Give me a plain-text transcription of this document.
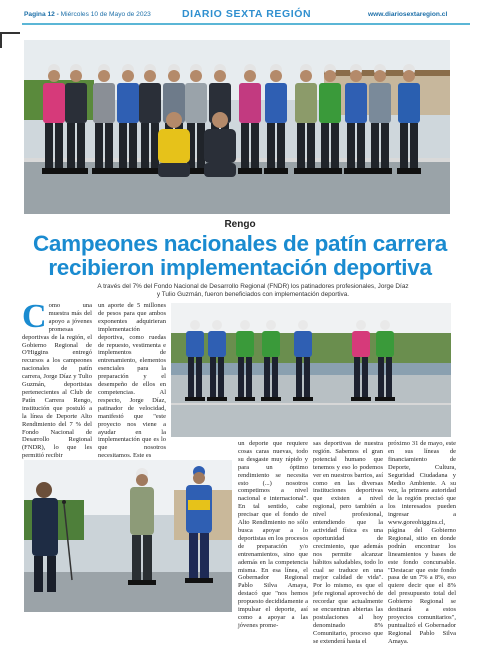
Pagina 12 - Miércoles 10 de Mayo de 2023	DIARIO SEXTA REGIÓN	www.diariosextaregion.cl
Rengo
Campeones nacionales de patín carrera recibieron implementación deportiva
A través del 7% del Fondo Nacional de Desarrollo Regional (FNDR) los patinadores profesionales, Jorge Díaz
y Tulio Guzmán, fueron beneficiados con implementación deportiva.
Como una muestra más del apoyo a jóvenes promesas deportivas de la región, el Gobierno Regional de O'Higgins entregó recursos a los campeones nacionales de patín carrera, Jorge Díaz y Tulio Guzmán, deportistas pertenecientes al Club de Patín Carrera Rengo, institución que postuló a la línea de Deporte Alto Rendimiento del 7 % del Fondo Nacional de Desarrollo Regional (FNDR), lo que les permitió recibir
un aporte de 5 millones de pesos para que ambos exponentes adquirieran implementación deportiva, como ruedas de repuesto, vestimenta e implementos de entrenamiento, elementos esenciales para la preparación y el desempeño de ellos en competencias. Al respecto, Jorge Díaz, patinador de velocidad, manifestó que "este proyecto nos viene a ayudar en la implementación que es lo que nosotros necesitamos. Este es
un deporte que requiere cosas caras nuevas, todo su desgaste muy rápido y para un óptimo rendimiento se necesita esto (...) nosotros competimos a nivel nacional e internacional". En tal sentido, cabe precisar que el fondo de Alto Rendimiento no sólo busca apoyar a lo deportistas en los procesos de preparación y/o entrenamientos, sino que además en la competencia misma. En esa línea, el Gobernador Regional Pablo Silva Amaya, destacó que "nos hemos propuesto decididamente a impulsar el deporte, así como a apoyar a las jóvenes prome-
sas deportivas de nuestra región. Sabemos el gran potencial humano que tenemos y eso lo podemos ver en nuestros barrios, así como en las diversas instituciones deportivas que existen a nivel regional, pero también a nivel profesional, entendiendo que la actividad física es una oportunidad de crecimiento, que además nos permite alcanzar hábitos saludables, todo lo cual se traduce en una mejor calidad de vida". Por lo mismo, es que el jefe regional aprovechó de recordar que actualmente se encuentran abiertas las postulaciones al hoy denominado 8% Comunitario, proceso que se extenderá hasta el
próximo 31 de mayo, este en sus líneas de financiamiento de Deporte, Cultura, Seguridad Ciudadana y Medio Ambiente. A su vez, la primera autoridad de la región precisó que los interesados pueden ingresar a www.goreohiggins.cl, página del Gobierno Regional, sitio en donde podrán encontrar los lineamientos y bases de este fondo concursable. "Destacar que este fondo pasa de un 7% a 8%, eso quiere decir que el 8% del presupuesto total del Gobierno Regional se destinará a estos proyectos comunitarios", puntualizó el Gobernador Regional Pablo Silva Amaya.
